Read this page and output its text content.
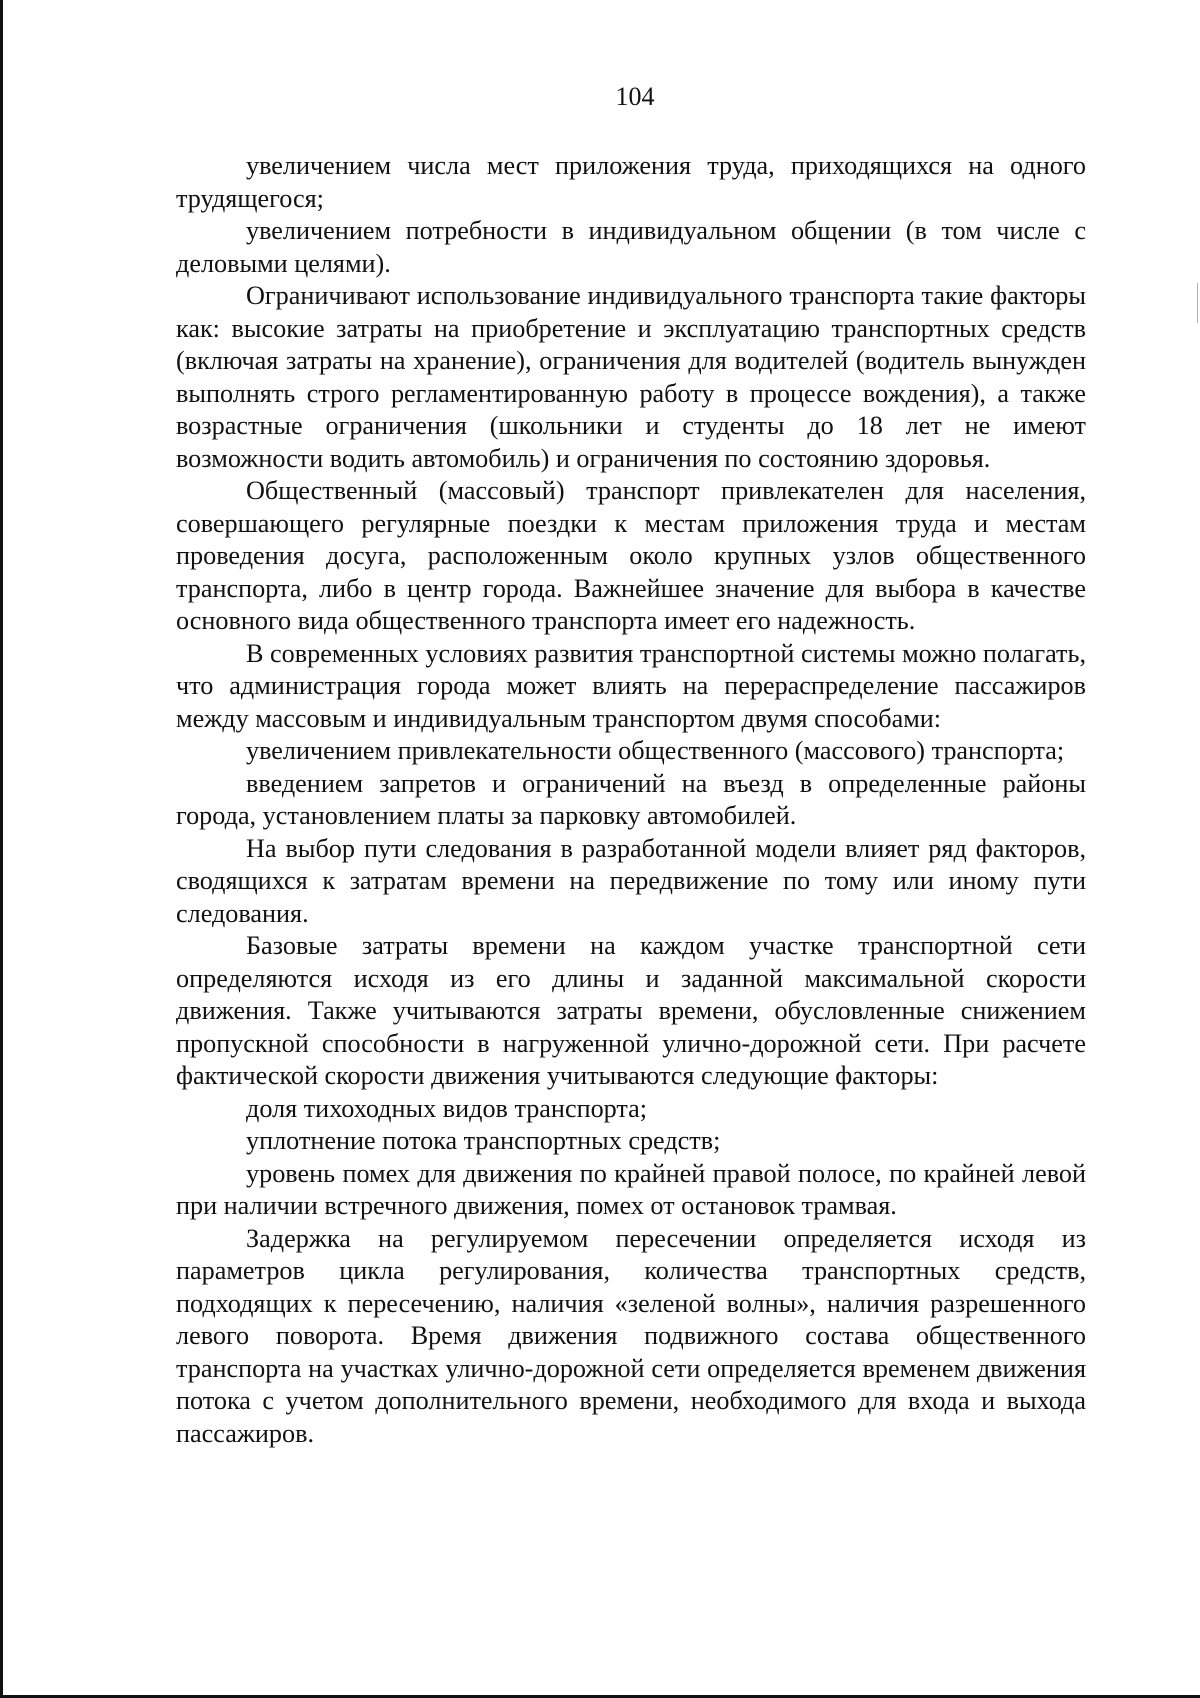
104

увеличением числа мест приложения труда, приходящихся на одного трудящегося;

увеличением потребности в индивидуальном общении (в том числе с деловыми целями).

Ограничивают использование индивидуального транспорта такие факторы как: высокие затраты на приобретение и эксплуатацию транспортных средств (включая затраты на хранение), ограничения для водителей (водитель вынужден выполнять строго регламентированную работу в процессе вождения), а также возрастные ограничения (школьники и студенты до 18 лет не имеют возможности водить автомобиль) и ограничения по состоянию здоровья.

Общественный (массовый) транспорт привлекателен для населения, совершающего регулярные поездки к местам приложения труда и местам проведения досуга, расположенным около крупных узлов общественного транспорта, либо в центр города. Важнейшее значение для выбора в качестве основного вида общественного транспорта имеет его надежность.

В современных условиях развития транспортной системы можно полагать, что администрация города может влиять на перераспределение пассажиров между массовым и индивидуальным транспортом двумя способами:

увеличением привлекательности общественного (массового) транспорта;

введением запретов и ограничений на въезд в определенные районы города, установлением платы за парковку автомобилей.

На выбор пути следования в разработанной модели влияет ряд факторов, сводящихся к затратам времени на передвижение по тому или иному пути следования.

Базовые затраты времени на каждом участке транспортной сети определяются исходя из его длины и заданной максимальной скорости движения. Также учитываются затраты времени, обусловленные снижением пропускной способности в нагруженной улично-дорожной сети. При расчете фактической скорости движения учитываются следующие факторы:

доля тихоходных видов транспорта;

уплотнение потока транспортных средств;

уровень помех для движения по крайней правой полосе, по крайней левой при наличии встречного движения, помех от остановок трамвая.

Задержка на регулируемом пересечении определяется исходя из параметров цикла регулирования, количества транспортных средств, подходящих к пересечению, наличия «зеленой волны», наличия разрешенного левого поворота. Время движения подвижного состава общественного транспорта на участках улично-дорожной сети определяется временем движения потока с учетом дополнительного времени, необходимого для входа и выхода пассажиров.
